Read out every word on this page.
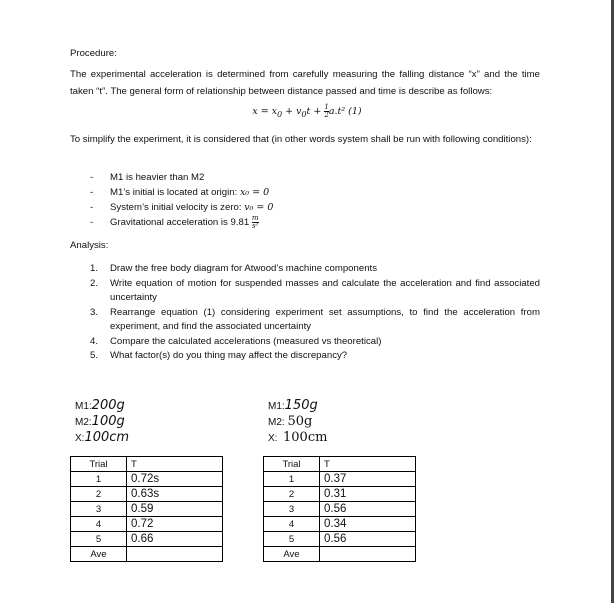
Procedure:
The experimental acceleration is determined from carefully measuring the falling distance “x” and the time taken “t”. The general form of relationship between distance passed and time is describe as follows:
$x = x_0 + v_0t + \frac{1}{2} a.t^2$ (1)
To simplify the experiment, it is considered that (in other words system shall be run with following conditions):
- M1 is heavier than M2
- M1’s initial is located at origin: x₀ = 0
- System’s initial velocity is zero: v₀ = 0
- Gravitational acceleration is $9.81 \frac{m}{\text{s²}}$
Analysis:
1. Draw the free body diagram for Atwood’s machine components
2. Write equation of motion for suspended masses and calculate the acceleration and find associated uncertainty
3. Rearrange equation (1) considering experiment set assumptions, to find the acceleration from experiment, and find the associated uncertainty
4. Compare the calculated accelerations (measured vs theoretical)
5. What factor(s) do you thing may affect the discrepancy?
M1:200g
M2:100g
X:100cm
M1:150g
M2: 50g
X: 100cm
Trial	T
1	0.72s
2	0.63s
3	0.59
4	0.72
5	0.66
Ave	
Trial	T
1	0.37
2	0.31
3	0.56
4	0.34
5	0.56
Ave	
